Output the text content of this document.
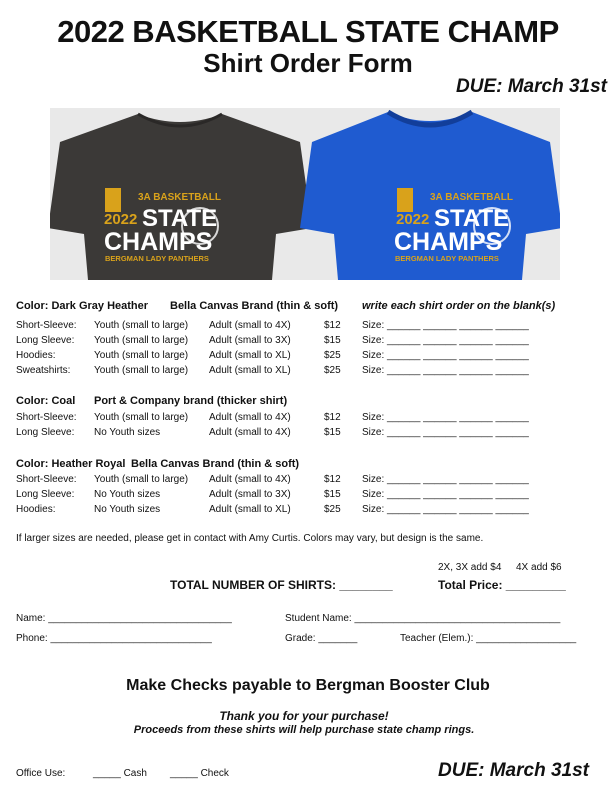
2022 BASKETBALL STATE CHAMP
Shirt Order Form
DUE: March 31st
3A BASKETBALL
2022 STATE
CHAMPS
BERGMAN LADY PANTHERS
3A BASKETBALL
2022 STATE
CHAMPS
BERGMAN LADY PANTHERS
Color: Dark Gray Heather Bella Canvas Brand (thin & soft) write each shirt order on the blank(s)
Short-Sleeve: Youth (small to large) Adult (small to 4X)	$12 Size: ______ ______ ______ ______
Long Sleeve: Youth (small to large) Adult (small to 3X)	$15 Size: ______ ______ ______ ______
Hoodies:	Youth (small to large) Adult (small to XL)	$25 Size: ______ ______ ______ ______
Sweatshirts: Youth (small to large) Adult (small to XL)	$25 Size: ______ ______ ______ ______
Color: Coal Port & Company brand (thicker shirt)
Short-Sleeve: Youth (small to large) Adult (small to 4X)	$12 Size: ______ ______ ______ ______
Long Sleeve: No Youth sizes	Adult (small to 4X)	$15 Size: ______ ______ ______ ______
Color: Heather Royal Bella Canvas Brand (thin & soft)
Short-Sleeve: Youth (small to large) Adult (small to 4X)	$12 Size: ______ ______ ______ ______
Long Sleeve: No Youth sizes	Adult (small to 3X)	$15 Size: ______ ______ ______ ______
Hoodies:	No Youth sizes	Adult (small to XL)	$25 Size: ______ ______ ______ ______
If larger sizes are needed, please get in contact with Amy Curtis. Colors may vary, but design is the same.
2X, 3X add $4 4X add $6
TOTAL NUMBER OF SHIRTS: ________	Total Price: _________
Name: _________________________________	Student Name: _____________________________________
Phone: _____________________________	Grade: _______	Teacher (Elem.): __________________
Make Checks payable to Bergman Booster Club
Thank you for your purchase!
Proceeds from these shirts will help purchase state champ rings.
Office Use:	_____ Cash _____ Check	DUE: March 31st
